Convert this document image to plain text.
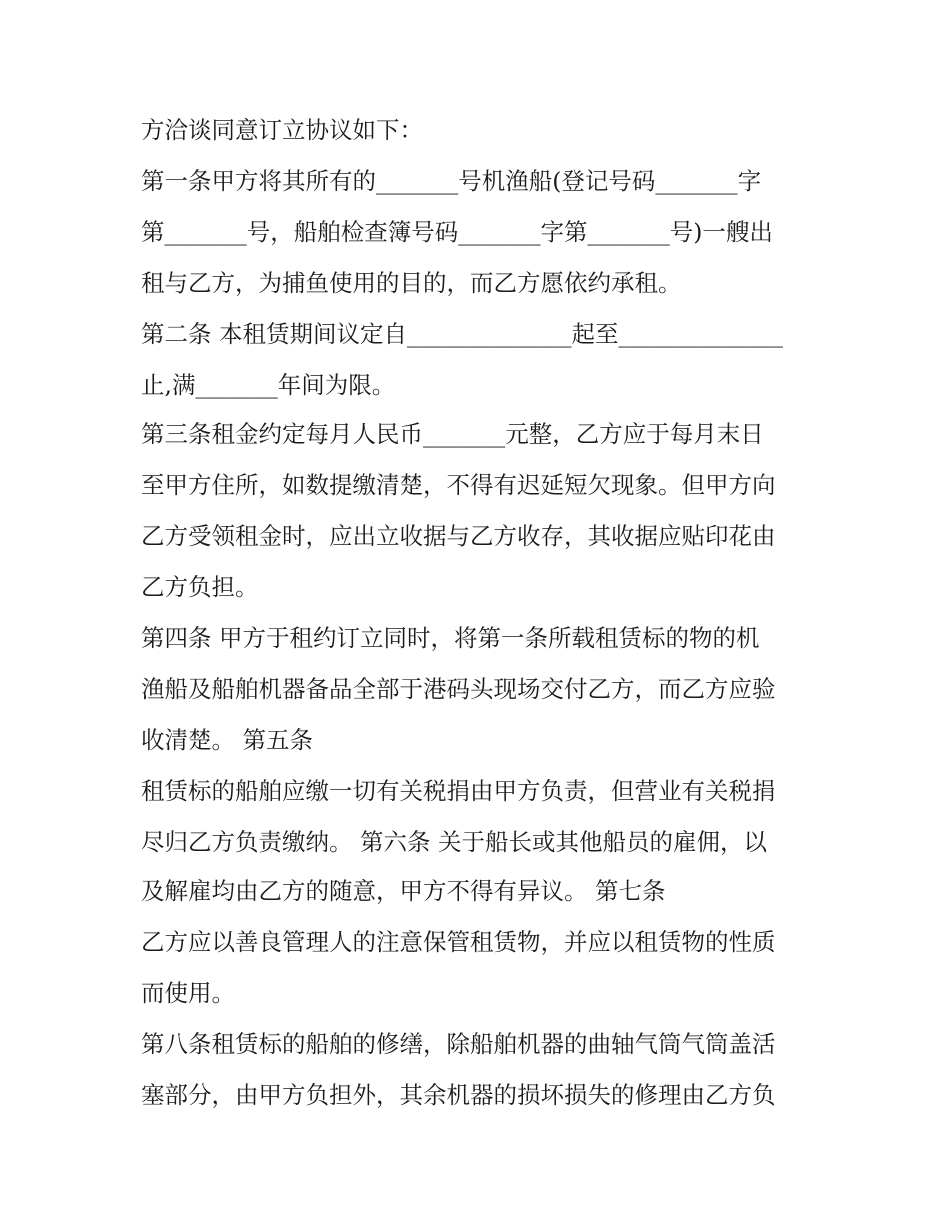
方洽谈同意订立协议如下：

第一条甲方将其所有的_______号机渔船(登记号码_______字

第_______号，船舶检查簿号码_______字第_______号)一艘出

租与乙方，为捕鱼使用的目的，而乙方愿依约承租。

第二条 本租赁期间议定自______________起至______________

止,满_______年间为限。

第三条租金约定每月人民币_______元整，乙方应于每月末日

至甲方住所，如数提缴清楚，不得有迟延短欠现象。但甲方向

乙方受领租金时，应出立收据与乙方收存，其收据应贴印花由

乙方负担。

第四条 甲方于租约订立同时，将第一条所载租赁标的物的机

渔船及船舶机器备品全部于港码头现场交付乙方，而乙方应验

收清楚。 第五条

租赁标的船舶应缴一切有关税捐由甲方负责，但营业有关税捐

尽归乙方负责缴纳。 第六条 关于船长或其他船员的雇佣，以

及解雇均由乙方的随意，甲方不得有异议。 第七条

乙方应以善良管理人的注意保管租赁物，并应以租赁物的性质

而使用。

第八条租赁标的船舶的修缮，除船舶机器的曲轴气筒气筒盖活

塞部分，由甲方负担外，其余机器的损坏损失的修理由乙方负
